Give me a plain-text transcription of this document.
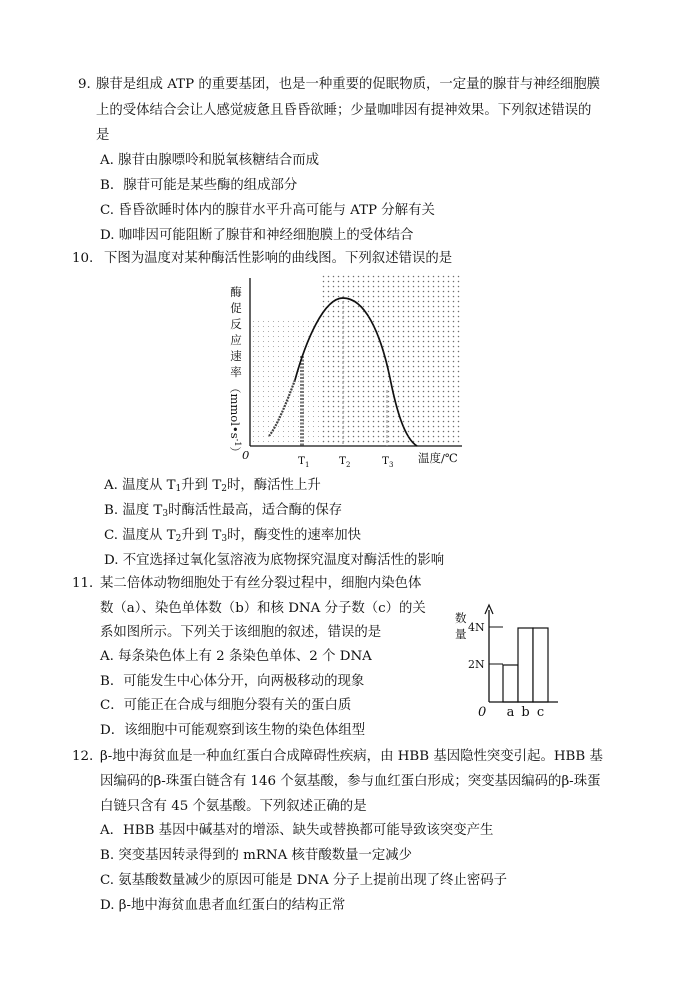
9. 腺苷是组成 ATP 的重要基团，也是一种重要的促眠物质，一定量的腺苷与神经细胞膜
上的受体结合会让人感觉疲惫且昏昏欲睡；少量咖啡因有提神效果。下列叙述错误的
是
A. 腺苷由腺嘌呤和脱氧核糖结合而成
B．腺苷可能是某些酶的组成部分
C. 昏昏欲睡时体内的腺苷水平升高可能与 ATP 分解有关
D. 咖啡因可能阻断了腺苷和神经细胞膜上的受体结合
10. 下图为温度对某种酶活性影响的曲线图。下列叙述错误的是
酶
促
反
应
速
率
$(mmol•s^{-1})$ 0	$T_1$	$T_2$	$T_3$ 温度/℃
A. 温度从 $T_1$升到 $T_2$时，酶活性上升
B. 温度 $T_3$时酶活性最高，适合酶的保存
C. 温度从 $T_2$升到 $T_3$时，酶变性的速率加快
D. 不宜选择过氧化氢溶液为底物探究温度对酶活性的影响
11．
某二倍体动物细胞处于有丝分裂过程中，细胞内染色体
数（a）、染色单体数（b）和核 DNA 分子数（c）的关
系如图所示。下列关于该细胞的叙述，错误的是
A. 每条染色体上有 2 条染色单体、2 个 DNA
B．可能发生中心体分开，向两极移动的现象
C．可能正在合成与细胞分裂有关的蛋白质
D．该细胞中可能观察到该生物的染色体组型
4N
2N
数
量
0 a b c
12. β-地中海贫血是一种血红蛋白合成障碍性疾病，由 HBB 基因隐性突变引起。HBB 基
因编码的β-珠蛋白链含有 146 个氨基酸，参与血红蛋白形成；突变基因编码的β-珠蛋
白链只含有 45 个氨基酸。下列叙述正确的是
A．HBB 基因中碱基对的增添、缺失或替换都可能导致该突变产生
B. 突变基因转录得到的 mRNA 核苷酸数量一定减少
C. 氨基酸数量减少的原因可能是 DNA 分子上提前出现了终止密码子
D. β-地中海贫血患者血红蛋白的结构正常
